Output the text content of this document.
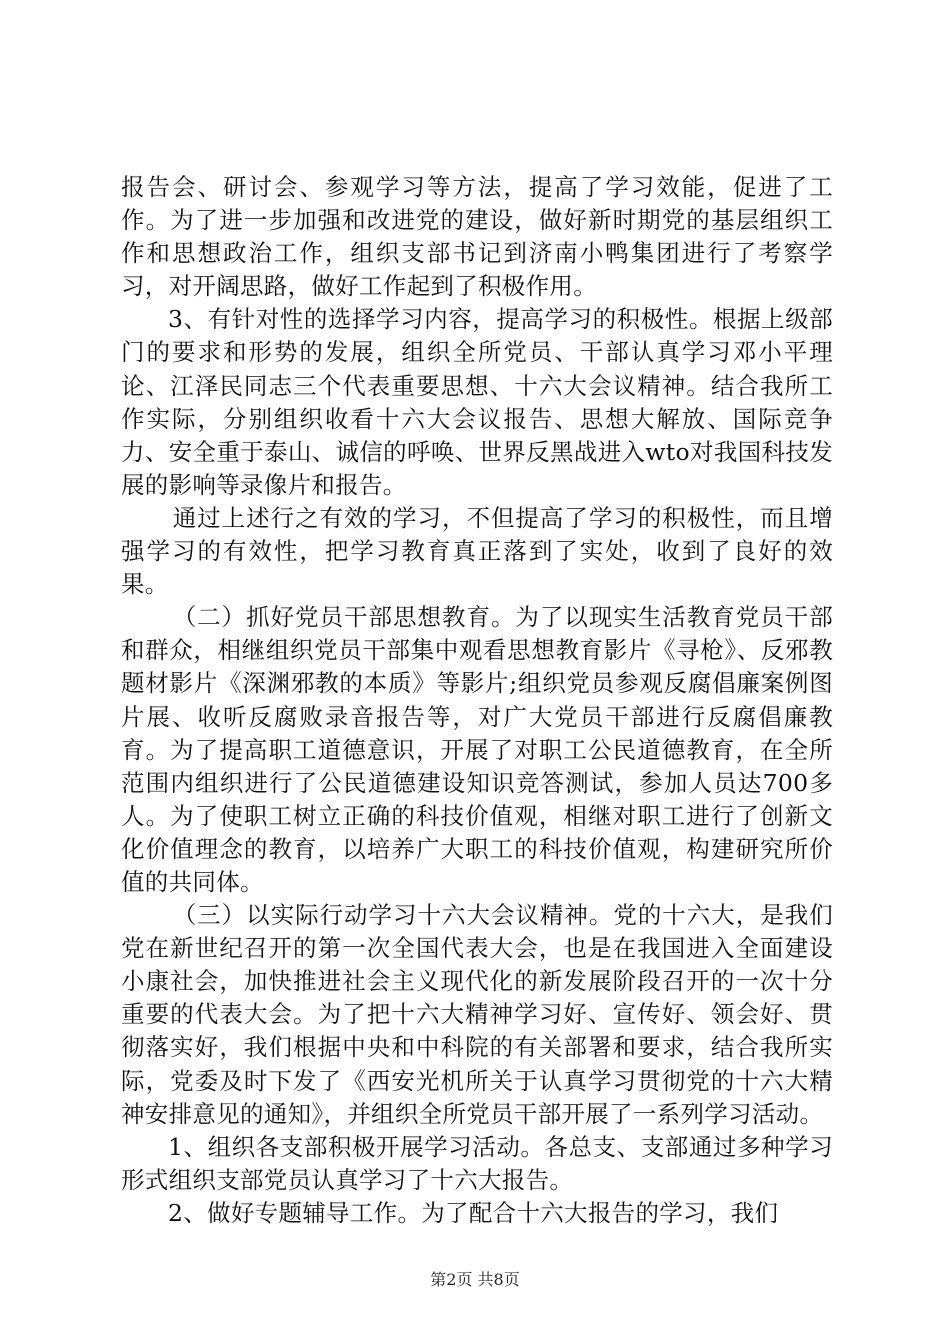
报告会、研讨会、参观学习等方法，提高了学习效能，促进了工作。为了进一步加强和改进党的建设，做好新时期党的基层组织工作和思想政治工作，组织支部书记到济南小鸭集团进行了考察学习，对开阔思路，做好工作起到了积极作用。

3、有针对性的选择学习内容，提高学习的积极性。根据上级部门的要求和形势的发展，组织全所党员、干部认真学习邓小平理论、江泽民同志三个代表重要思想、十六大会议精神。结合我所工作实际，分别组织收看十六大会议报告、思想大解放、国际竞争力、安全重于泰山、诚信的呼唤、世界反黑战进入wto对我国科技发展的影响等录像片和报告。

通过上述行之有效的学习，不但提高了学习的积极性，而且增强学习的有效性，把学习教育真正落到了实处，收到了良好的效果。

（二）抓好党员干部思想教育。为了以现实生活教育党员干部和群众，相继组织党员干部集中观看思想教育影片《寻枪》、反邪教题材影片《深渊邪教的本质》等影片;组织党员参观反腐倡廉案例图片展、收听反腐败录音报告等，对广大党员干部进行反腐倡廉教育。为了提高职工道德意识，开展了对职工公民道德教育，在全所范围内组织进行了公民道德建设知识竞答测试，参加人员达700多人。为了使职工树立正确的科技价值观，相继对职工进行了创新文化价值理念的教育，以培养广大职工的科技价值观，构建研究所价值的共同体。

（三）以实际行动学习十六大会议精神。党的十六大，是我们党在新世纪召开的第一次全国代表大会，也是在我国进入全面建设小康社会，加快推进社会主义现代化的新发展阶段召开的一次十分重要的代表大会。为了把十六大精神学习好、宣传好、领会好、贯彻落实好，我们根据中央和中科院的有关部署和要求，结合我所实际，党委及时下发了《西安光机所关于认真学习贯彻党的十六大精神安排意见的通知》，并组织全所党员干部开展了一系列学习活动。

1、组织各支部积极开展学习活动。各总支、支部通过多种学习形式组织支部党员认真学习了十六大报告。

2、做好专题辅导工作。为了配合十六大报告的学习，我们

第2页 共8页
